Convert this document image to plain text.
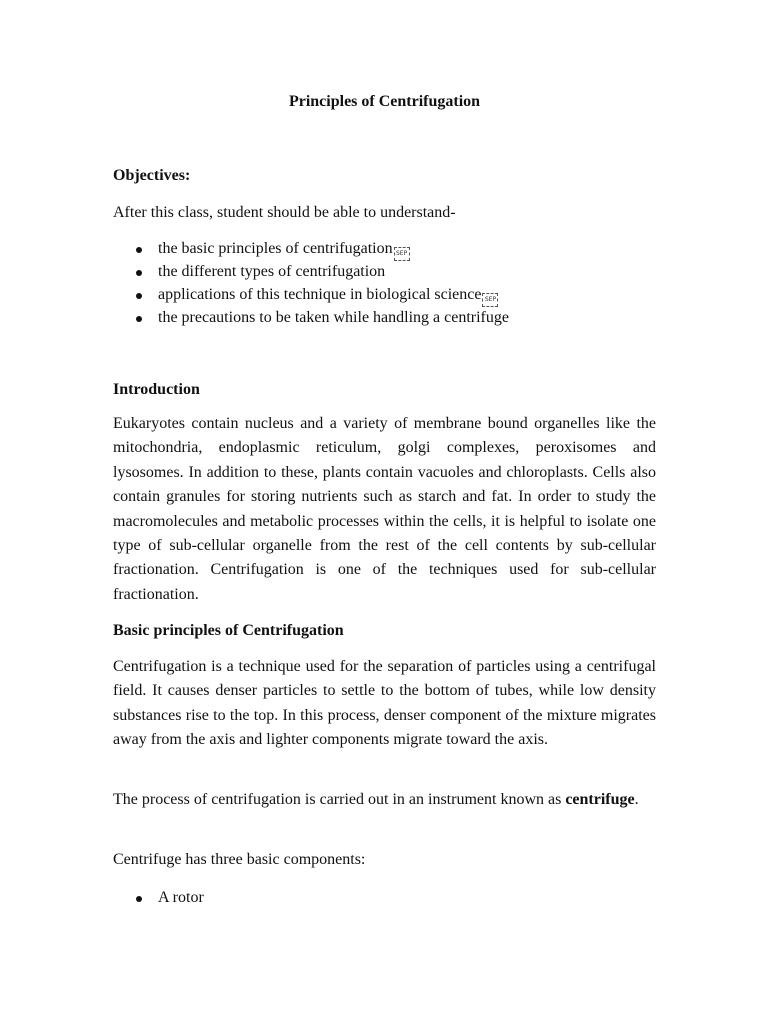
Principles of Centrifugation
Objectives:
After this class, student should be able to understand-
the basic principles of centrifugation SEP
the different types of centrifugation
applications of this technique in biological science SEP
the precautions to be taken while handling a centrifuge
Introduction
Eukaryotes contain nucleus and a variety of membrane bound organelles like the mitochondria, endoplasmic reticulum, golgi complexes, peroxisomes and lysosomes. In addition to these, plants contain vacuoles and chloroplasts. Cells also contain granules for storing nutrients such as starch and fat. In order to study the macromolecules and metabolic processes within the cells, it is helpful to isolate one type of sub-cellular organelle from the rest of the cell contents by sub-cellular fractionation. Centrifugation is one of the techniques used for sub-cellular fractionation.
Basic principles of Centrifugation
Centrifugation is a technique used for the separation of particles using a centrifugal field. It causes denser particles to settle to the bottom of tubes, while low density substances rise to the top. In this process, denser component of the mixture migrates away from the axis and lighter components migrate toward the axis.
The process of centrifugation is carried out in an instrument known as centrifuge.
Centrifuge has three basic components:
A rotor
